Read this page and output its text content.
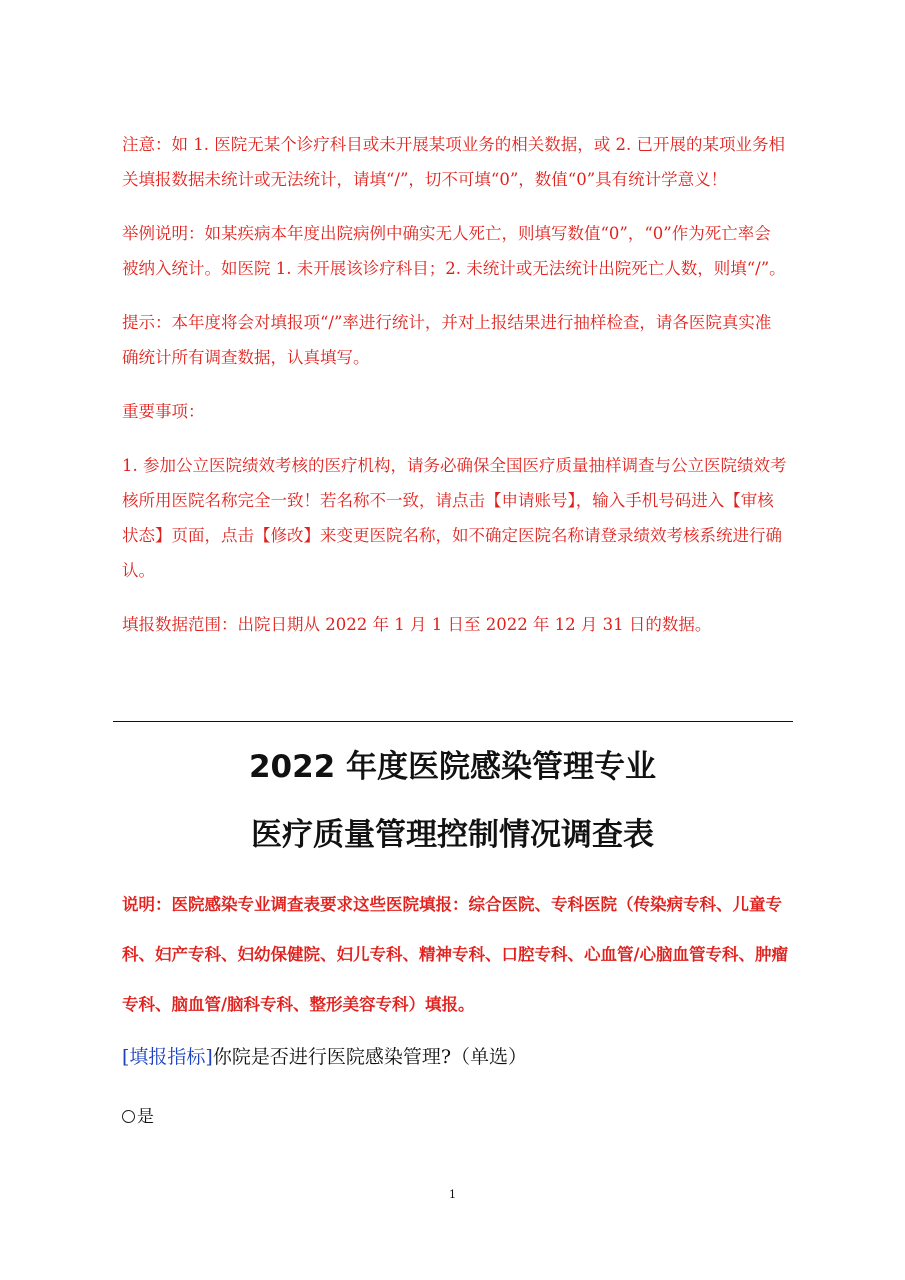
注意：如 1. 医院无某个诊疗科目或未开展某项业务的相关数据，或 2. 已开展的某项业务相关填报数据未统计或无法统计，请填“/”，切不可填“0”，数值“0”具有统计学意义！

举例说明：如某疾病本年度出院病例中确实无人死亡，则填写数值“0”，“0”作为死亡率会被纳入统计。如医院 1. 未开展该诊疗科目；2. 未统计或无法统计出院死亡人数，则填“/”。

提示：本年度将会对填报项“/”率进行统计，并对上报结果进行抽样检查，请各医院真实准确统计所有调查数据，认真填写。

重要事项：

1. 参加公立医院绩效考核的医疗机构，请务必确保全国医疗质量抽样调查与公立医院绩效考核所用医院名称完全一致！若名称不一致，请点击【申请账号】，输入手机号码进入【审核状态】页面，点击【修改】来变更医院名称，如不确定医院名称请登录绩效考核系统进行确认。

填报数据范围：出院日期从 2022 年 1 月 1 日至 2022 年 12 月 31 日的数据。

2022 年度医院感染管理专业
医疗质量管理控制情况调查表
说明：医院感染专业调查表要求这些医院填报：综合医院、专科医院（传染病专科、儿童专科、妇产专科、妇幼保健院、妇儿专科、精神专科、口腔专科、心血管/心脑血管专科、肿瘤专科、脑血管/脑科专科、整形美容专科）填报。
[填报指标]你院是否进行医院感染管理?（单选）
是
1
